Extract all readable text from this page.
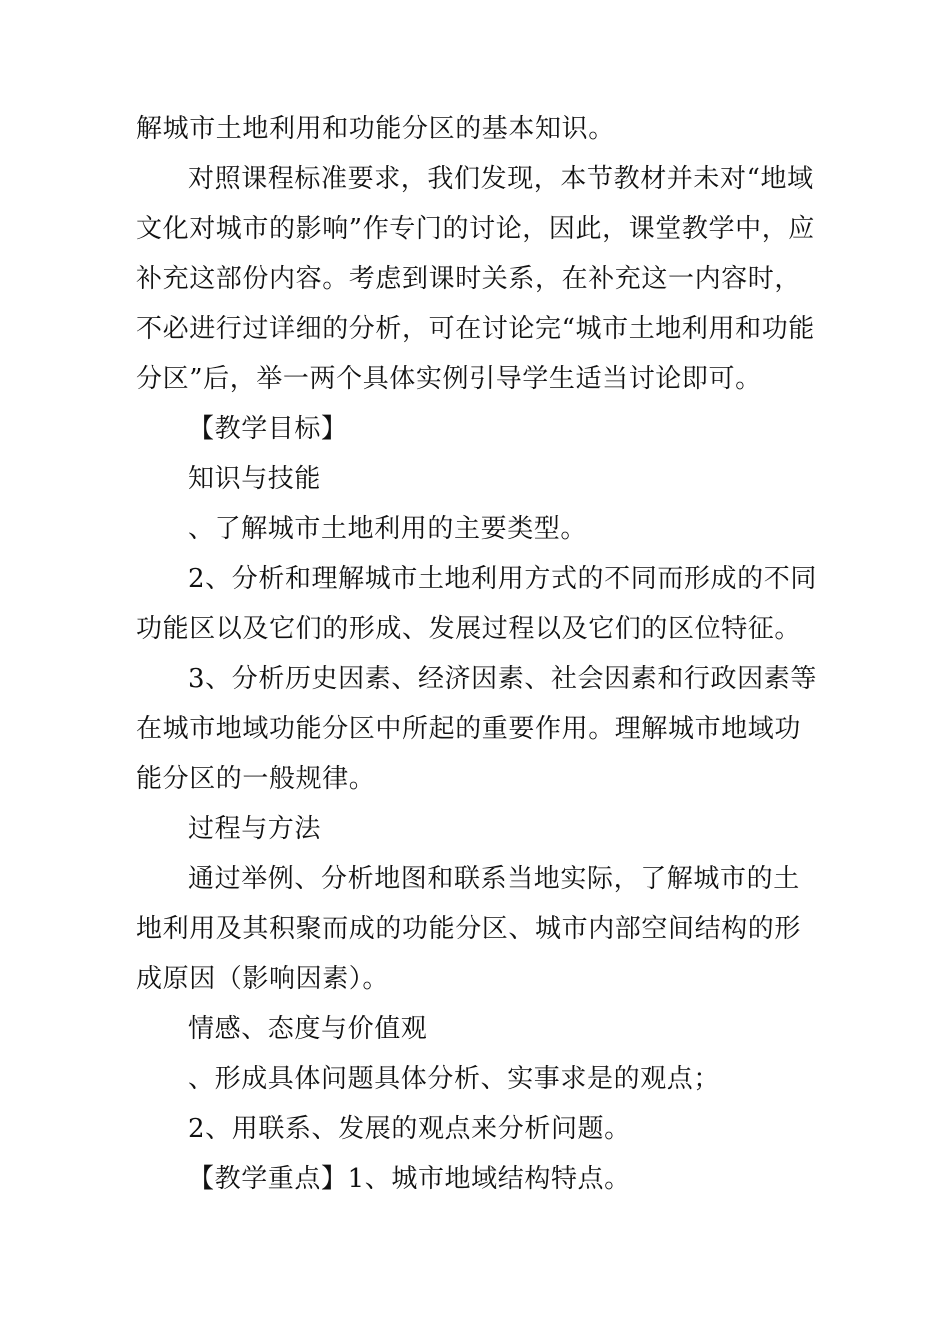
解城市土地利用和功能分区的基本知识。

对照课程标准要求，我们发现，本节教材并未对“地域文化对城市的影响”作专门的讨论，因此，课堂教学中，应补充这部份内容。考虑到课时关系，在补充这一内容时，不必进行过详细的分析，可在讨论完“城市土地利用和功能分区”后，举一两个具体实例引导学生适当讨论即可。

【教学目标】

知识与技能

、了解城市土地利用的主要类型。

2、分析和理解城市土地利用方式的不同而形成的不同功能区以及它们的形成、发展过程以及它们的区位特征。

3、分析历史因素、经济因素、社会因素和行政因素等在城市地域功能分区中所起的重要作用。理解城市地域功能分区的一般规律。

过程与方法

通过举例、分析地图和联系当地实际，了解城市的土地利用及其积聚而成的功能分区、城市内部空间结构的形成原因（影响因素）。

情感、态度与价值观

、形成具体问题具体分析、实事求是的观点；

2、用联系、发展的观点来分析问题。

【教学重点】1、城市地域结构特点。
